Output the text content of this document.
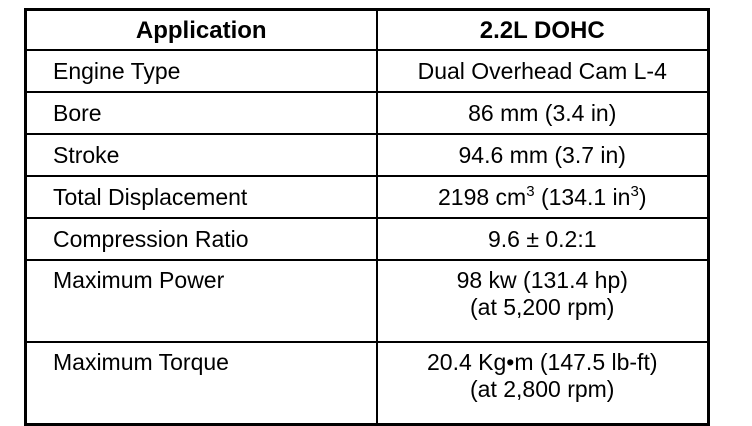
Application	2.2L DOHC
Engine Type	Dual Overhead Cam L-4
Bore	86 mm (3.4 in)
Stroke	94.6 mm (3.7 in)
Total Displacement	2198 $cm^3$ (134.1 $in^3$)
Compression Ratio	9.6 ± 0.2:1
Maximum Power	98 kw (131.4 hp)
(at 5,200 rpm)

Maximum Torque	20.4 Kg•m (147.5 lb-ft)
(at 2,800 rpm)
